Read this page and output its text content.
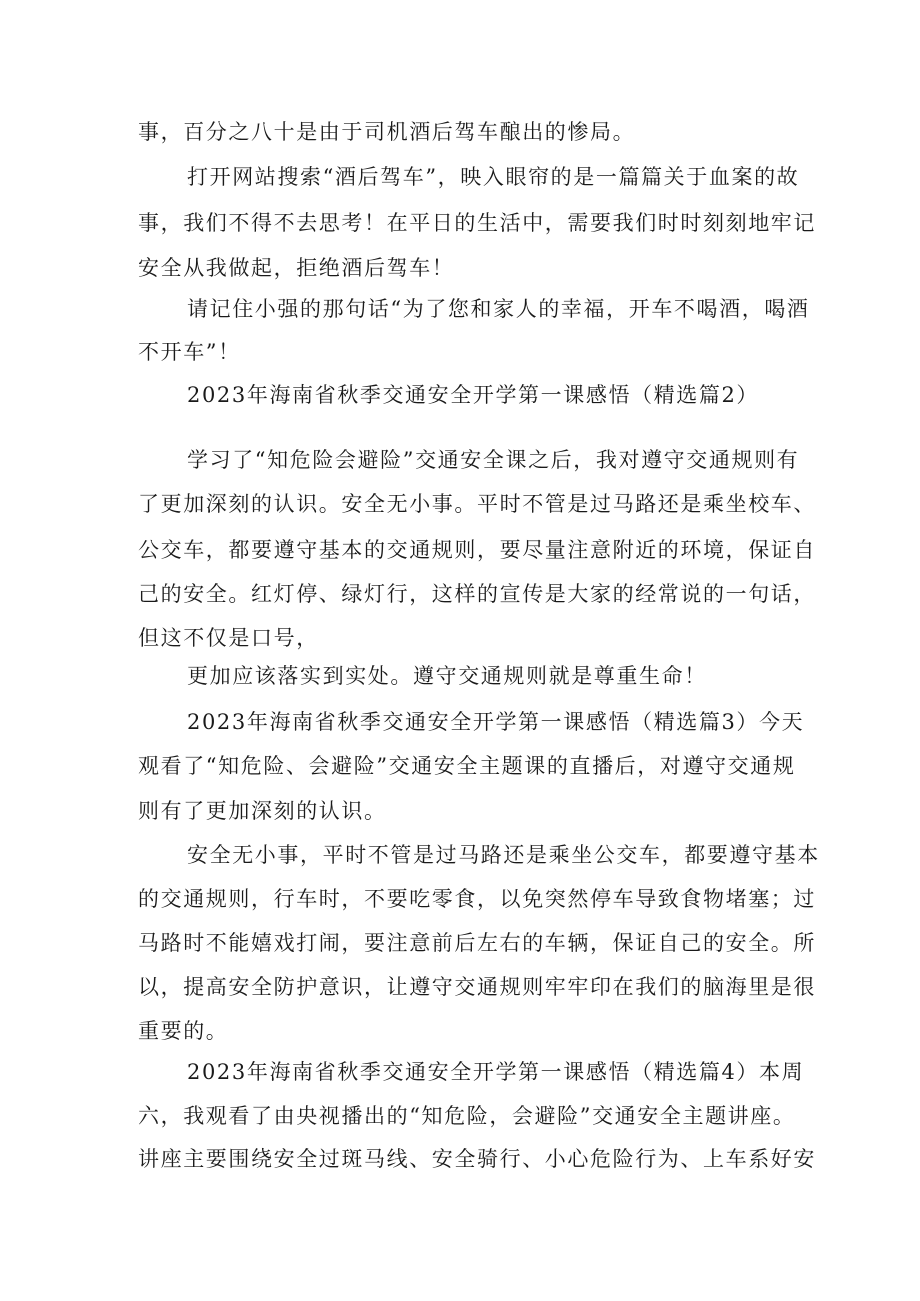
事，百分之八十是由于司机酒后驾车酿出的惨局。
打开网站搜索“酒后驾车”，映入眼帘的是一篇篇关于血案的故
事，我们不得不去思考！在平日的生活中，需要我们时时刻刻地牢记
安全从我做起，拒绝酒后驾车！
请记住小强的那句话“为了您和家人的幸福，开车不喝酒，喝酒
不开车”！
2023年海南省秋季交通安全开学第一课感悟（精选篇2）
学习了“知危险会避险”交通安全课之后，我对遵守交通规则有
了更加深刻的认识。安全无小事。平时不管是过马路还是乘坐校车、
公交车，都要遵守基本的交通规则，要尽量注意附近的环境，保证自
己的安全。红灯停、绿灯行，这样的宣传是大家的经常说的一句话，
但这不仅是口号，
更加应该落实到实处。遵守交通规则就是尊重生命！
2023年海南省秋季交通安全开学第一课感悟（精选篇3）今天
观看了“知危险、会避险”交通安全主题课的直播后，对遵守交通规
则有了更加深刻的认识。
安全无小事，平时不管是过马路还是乘坐公交车，都要遵守基本
的交通规则，行车时，不要吃零食，以免突然停车导致食物堵塞；过
马路时不能嬉戏打闹，要注意前后左右的车辆，保证自己的安全。所
以，提高安全防护意识，让遵守交通规则牢牢印在我们的脑海里是很
重要的。
2023年海南省秋季交通安全开学第一课感悟（精选篇4）本周
六，我观看了由央视播出的“知危险，会避险”交通安全主题讲座。
讲座主要围绕安全过斑马线、安全骑行、小心危险行为、上车系好安
